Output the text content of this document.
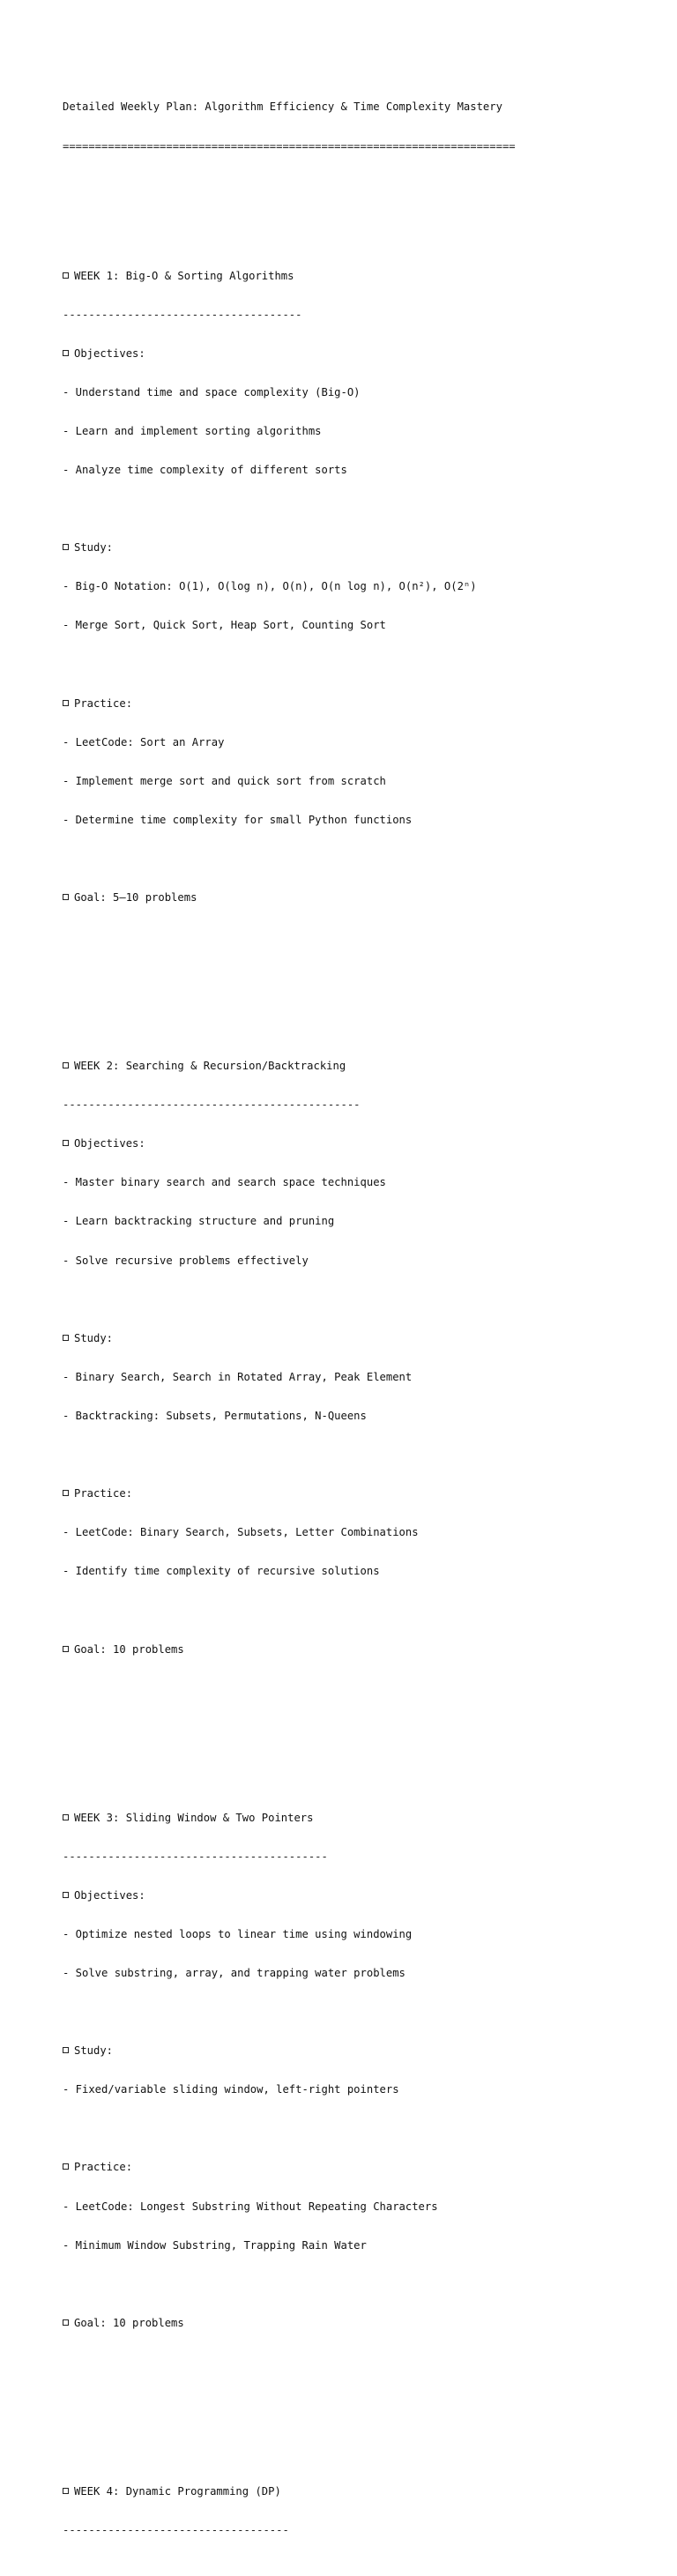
Detailed Weekly Plan: Algorithm Efficiency & Time Complexity Mastery

======================================================================

WEEK 1: Big-O & Sorting Algorithms

-------------------------------------

Objectives:

- Understand time and space complexity (Big-O)

- Learn and implement sorting algorithms

- Analyze time complexity of different sorts

Study:

- Big-O Notation: O(1), O(log n), O(n), O(n log n), O(n²), O(2ⁿ)

- Merge Sort, Quick Sort, Heap Sort, Counting Sort

Practice:

- LeetCode: Sort an Array

- Implement merge sort and quick sort from scratch

- Determine time complexity for small Python functions

Goal: 5–10 problems

WEEK 2: Searching & Recursion/Backtracking

----------------------------------------------

Objectives:

- Master binary search and search space techniques

- Learn backtracking structure and pruning

- Solve recursive problems effectively

Study:

- Binary Search, Search in Rotated Array, Peak Element

- Backtracking: Subsets, Permutations, N-Queens

Practice:

- LeetCode: Binary Search, Subsets, Letter Combinations

- Identify time complexity of recursive solutions

Goal: 10 problems

WEEK 3: Sliding Window & Two Pointers

-----------------------------------------

Objectives:

- Optimize nested loops to linear time using windowing

- Solve substring, array, and trapping water problems

Study:

- Fixed/variable sliding window, left-right pointers

Practice:

- LeetCode: Longest Substring Without Repeating Characters

- Minimum Window Substring, Trapping Rain Water

Goal: 10 problems

WEEK 4: Dynamic Programming (DP)

-----------------------------------
